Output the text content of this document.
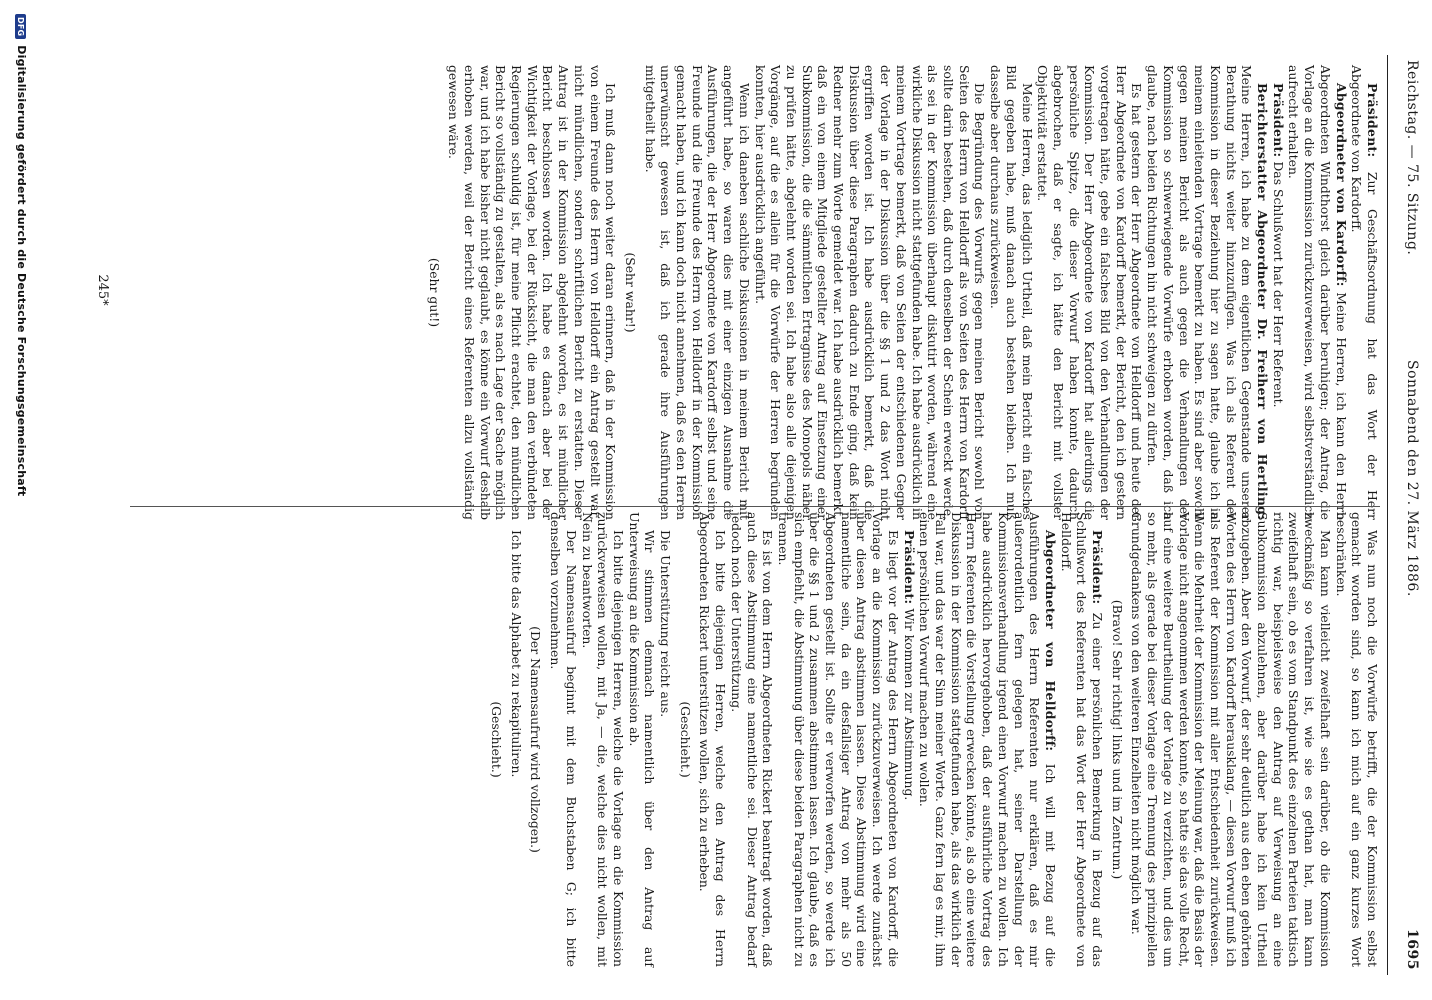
Reichstag. — 75. Sitzung.
Sonnabend den 27. März 1886.
1695

Präsident: Zur Geschäftsordnung hat das Wort der Herr Abgeordnete von Kardorff.

Abgeordneter von Kardorff: Meine Herren, ich kann den Herrn Abgeordneten Windthorst gleich darüber beruhigen; der Antrag, die Vorlage an die Kommission zurückzuverweisen, wird selbstverständlich aufrecht erhalten.

Präsident: Das Schlußwort hat der Herr Referent.

Berichterstatter Abgeordneter Dr. Freiherr von Hertling: Meine Herren, ich habe zu dem eigentlichen Gegenstande unserer Berathung nichts weiter hinzuzufügen. Was ich als Referent der Kommission in dieser Beziehung hier zu sagen hatte, glaube ich in meinem einleitenden Vortrage bemerkt zu haben. Es sind aber sowohl gegen meinen Bericht als auch gegen die Verhandlungen der Kommission so schwerwiegende Vorwürfe erhoben worden, daß ich glaube, nach beiden Richtungen hin nicht schweigen zu dürfen.

Es hat gestern der Herr Abgeordnete von Helldorff und heute der Herr Abgeordnete von Kardorff bemerkt, der Bericht, den ich gestern vorgetragen hätte, gebe ein falsches Bild von den Verhandlungen der Kommission. Der Herr Abgeordnete von Kardorff hat allerdings die persönliche Spitze, die dieser Vorwurf haben konnte, dadurch abgebrochen, daß er sagte, ich hätte den Bericht mit vollster Objektivität erstattet.

Meine Herren, das lediglich Urtheil, daß mein Bericht ein falsches Bild gegeben habe, muß danach auch bestehen bleiben. Ich muß dasselbe aber durchaus zurückweisen.

Die Begründung des Vorwurfs gegen meinen Bericht sowohl von Seiten des Herrn von Helldorff als von Seiten des Herrn von Kardorff sollte darin bestehen, daß durch denselben der Schein erweckt werde, als sei in der Kommission überhaupt diskutirt worden, während eine wirkliche Diskussion nicht stattgefunden habe. Ich habe ausdrücklich in meinem Vortrage bemerkt, daß von Seiten der entschiedenen Gegner der Vorlage in der Diskussion über die §§ 1 und 2 das Wort nicht ergriffen worden ist. Ich habe ausdrücklich bemerkt, daß die Diskussion über diese Paragraphen dadurch zu Ende ging, daß kein Redner mehr zum Worte gemeldet war. Ich habe ausdrücklich bemerkt, daß ein von einem Mitgliede gestellter Antrag auf Einsetzung einer Subkommission, die die sämmtlichen Ertragnisse des Monopols näher zu prüfen hätte, abgelehnt worden sei. Ich habe also alle diejenigen Vorgänge, auf die es allein für die Vorwürfe der Herren begründen konnten, hier ausdrücklich angeführt.

Wenn ich daneben sachliche Diskussionen in meinem Bericht mit angeführt habe, so waren dies mit einer einzigen Ausnahme die Ausführungen, die der Herr Abgeordnete von Kardorff selbst und seine Freunde und die Freunde des Herrn von Helldorff in der Kommission gemacht haben, und ich kann doch nicht annehmen, daß es den Herren unerwünscht gewesen ist, daß ich gerade ihre Ausführungen mitgetheilt habe.

(Sehr wahr!)

Ich muß dann noch weiter daran erinnern, daß in der Kommission von einem Freunde des Herrn von Helldorff ein Antrag gestellt war, nicht mündlichen, sondern schriftlichen Bericht zu erstatten. Dieser Antrag ist in der Kommission abgelehnt worden, es ist mündlicher Bericht beschlossen worden. Ich habe es danach aber bei der Wichtigkeit der Vorlage, bei der Rücksicht, die man den verbündeten Regierungen schuldig ist, für meine Pflicht erachtet, den mündlichen Bericht so vollständig zu gestalten, als es nach Lage der Sache möglich war, und ich habe bisher nicht geglaubt, es könne ein Vorwurf deshalb erhoben werden, weil der Bericht eines Referenten allzu vollständig gewesen wäre.

(Sehr gut!)

Was nun noch die Vorwürfe betrifft, die der Kommission selbst gemacht worden sind, so kann ich mich auf ein ganz kurzes Wort beschränken.

Man kann vielleicht zweifelhaft sein darüber, ob die Kommission zweckmäßig so verfahren ist, wie sie es gethan hat, man kann zweifelhaft sein, ob es vom Standpunkt des einzelnen Parteien taktisch richtig war, beispielsweise den Antrag auf Verweisung an eine Subkommission abzulehnen, aber darüber habe ich kein Urtheil abzugeben. Aber den Vorwurf, der sehr deutlich aus den eben gehörten Worten des Herrn von Kardorff herausklang, — diesen Vorwurf muß ich als Referent der Kommission mit aller Entschiedenheit zurückweisen. Wenn die Mehrheit der Kommission der Meinung war, daß die Basis der Vorlage nicht angenommen werden konnte, so hatte sie das volle Recht, auf eine weitere Beurtheilung der Vorlage zu verzichten, und dies um so mehr, als gerade bei dieser Vorlage eine Trennung des prinzipiellen Grundgedankens von den weiteren Einzelheiten nicht möglich war.

(Bravo! Sehr richtig! links und im Zentrum.)

Präsident: Zu einer persönlichen Bemerkung in Bezug auf das Schlußwort des Referenten hat das Wort der Herr Abgeordnete von Helldorff.

Abgeordneter von Helldorff: Ich will mit Bezug auf die Ausführungen des Herrn Referenten nur erklären, daß es mir außerordentlich fern gelegen hat, seiner Darstellung der Kommissionsverhandlung irgend einen Vorwurf machen zu wollen. Ich habe ausdrücklich hervorgehoben, daß der ausführliche Vortrag des Herrn Referenten die Vorstellung erwecken könnte, als ob eine weitere Diskussion in der Kommission stattgefunden habe, als das wirklich der Fall war, und das war der Sinn meiner Worte. Ganz fern lag es mir, ihm einen persönlichen Vorwurf machen zu wollen.

Präsident: Wir kommen zur Abstimmung.

Es liegt vor der Antrag des Herrn Abgeordneten von Kardorff, die Vorlage an die Kommission zurückzuverweisen. Ich werde zunächst über diesen Antrag abstimmen lassen. Diese Abstimmung wird eine namentliche sein, da ein desfallsiger Antrag von mehr als 50 Abgeordneten gestellt ist. Sollte er verworfen werden, so werde ich über die §§ 1 und 2 zusammen abstimmen lassen. Ich glaube, daß es sich empfiehlt, die Abstimmung über diese beiden Paragraphen nicht zu trennen.

Es ist von dem Herrn Abgeordneten Rickert beantragt worden, daß auch diese Abstimmung eine namentliche sei. Dieser Antrag bedarf jedoch noch der Unterstützung.

Ich bitte diejenigen Herren, welche den Antrag des Herrn Abgeordneten Rickert unterstützen wollen, sich zu erheben.

(Geschieht.)

Die Unterstützung reicht aus.

Wir stimmen demnach namentlich über den Antrag auf Unterweisung an die Kommission ab.

Ich bitte diejenigen Herren, welche die Vorlage an die Kommission zurückverweisen wollen, mit Ja, — die, welche dies nicht wollen, mit Nein zu beantworten.

Der Namensaufruf beginnt mit dem Buchstaben G; ich bitte denselben vorzunehmen.

(Der Namensaufruf wird vollzogen.)

Ich bitte das Alphabet zu rekapituliren.

(Geschieht.)

245*
DFGDigitalisierung gefördert durch die Deutsche Forschungsgemeinschaft
